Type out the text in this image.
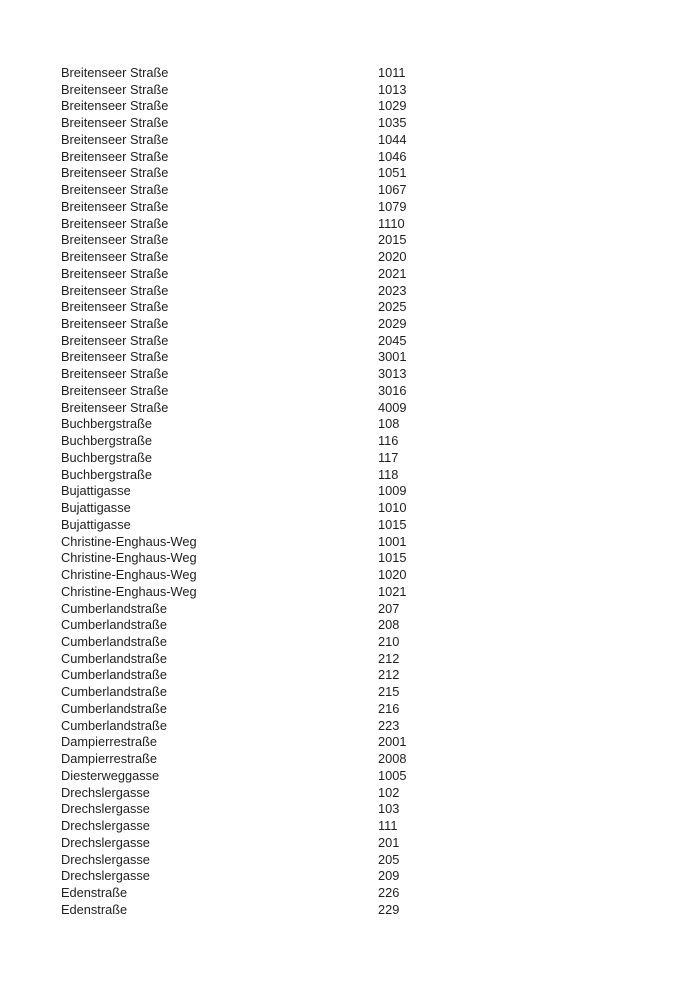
Breitenseer Straße	1011
Breitenseer Straße	1013
Breitenseer Straße	1029
Breitenseer Straße	1035
Breitenseer Straße	1044
Breitenseer Straße	1046
Breitenseer Straße	1051
Breitenseer Straße	1067
Breitenseer Straße	1079
Breitenseer Straße	1110
Breitenseer Straße	2015
Breitenseer Straße	2020
Breitenseer Straße	2021
Breitenseer Straße	2023
Breitenseer Straße	2025
Breitenseer Straße	2029
Breitenseer Straße	2045
Breitenseer Straße	3001
Breitenseer Straße	3013
Breitenseer Straße	3016
Breitenseer Straße	4009
Buchbergstraße	108
Buchbergstraße	116
Buchbergstraße	117
Buchbergstraße	118
Bujattigasse	1009
Bujattigasse	1010
Bujattigasse	1015
Christine-Enghaus-Weg	1001
Christine-Enghaus-Weg	1015
Christine-Enghaus-Weg	1020
Christine-Enghaus-Weg	1021
Cumberlandstraße	207
Cumberlandstraße	208
Cumberlandstraße	210
Cumberlandstraße	212
Cumberlandstraße	212
Cumberlandstraße	215
Cumberlandstraße	216
Cumberlandstraße	223
Dampierrestraße	2001
Dampierrestraße	2008
Diesterweggasse	1005
Drechslergasse	102
Drechslergasse	103
Drechslergasse	111
Drechslergasse	201
Drechslergasse	205
Drechslergasse	209
Edenstraße	226
Edenstraße	229
